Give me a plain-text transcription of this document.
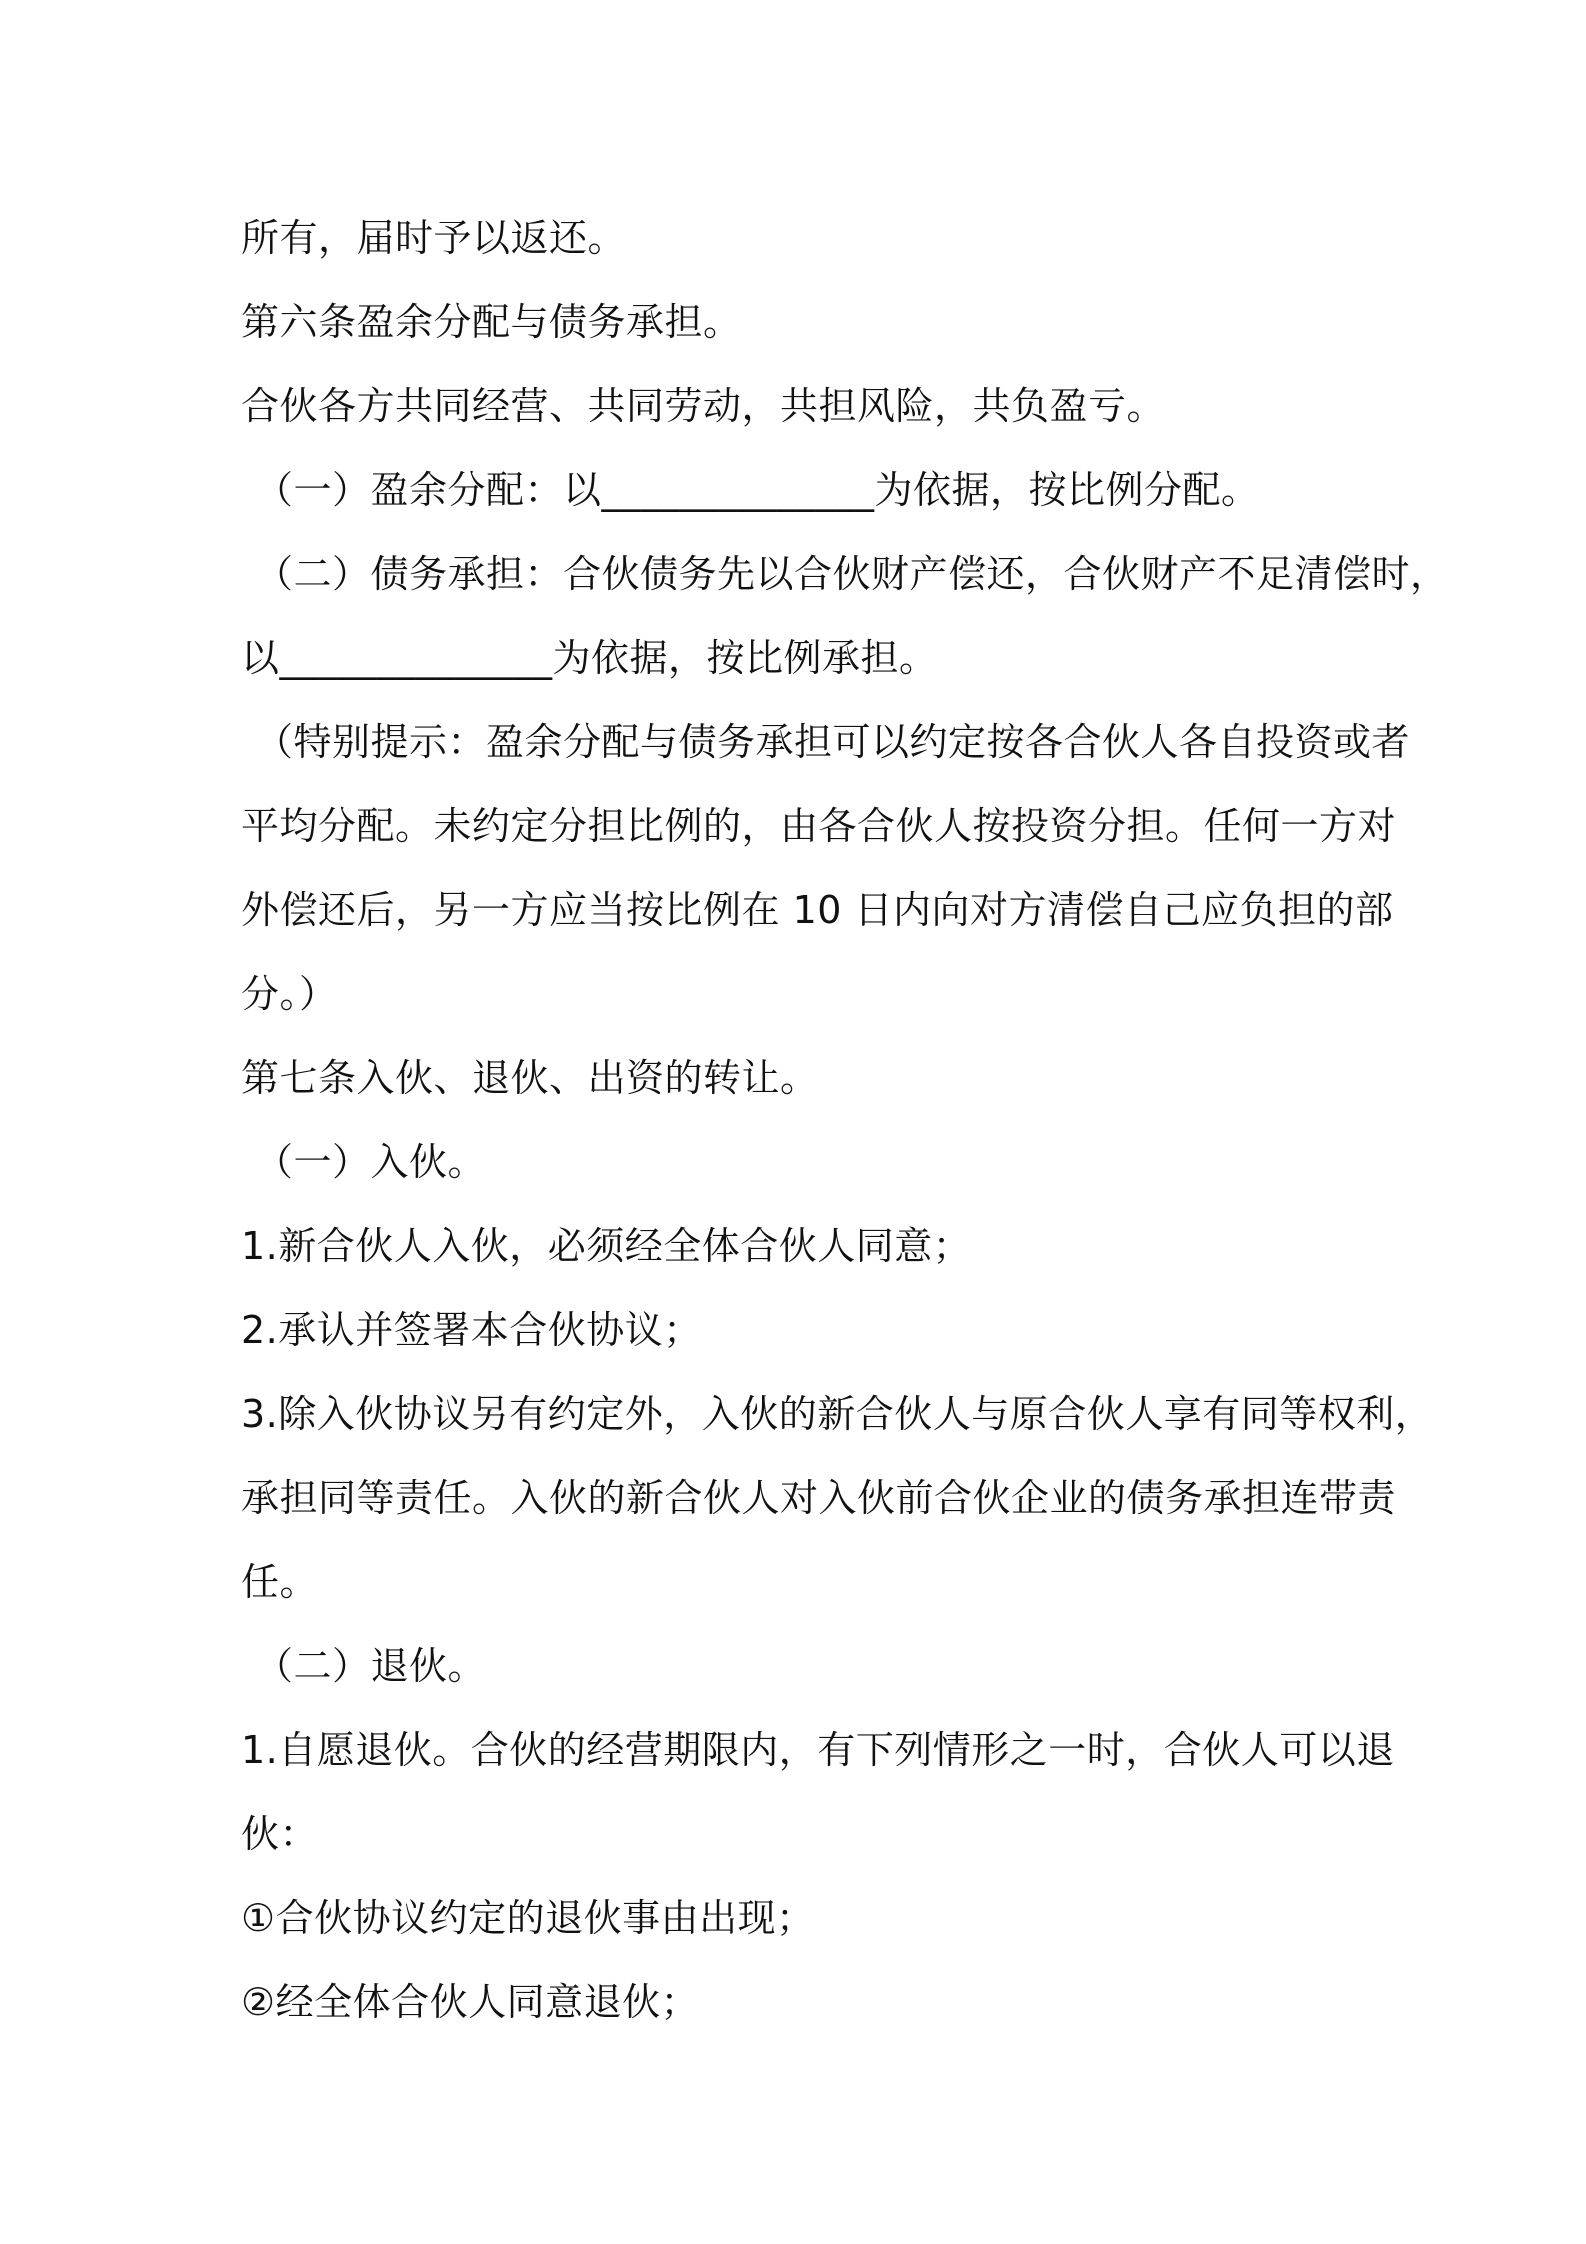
所有，届时予以返还。
第六条盈余分配与债务承担。
合伙各方共同经营、共同劳动，共担风险，共负盈亏。
（一）盈余分配：以______________为依据，按比例分配。
（二）债务承担：合伙债务先以合伙财产偿还，合伙财产不足清偿时，
以______________为依据，按比例承担。
（特别提示：盈余分配与债务承担可以约定按各合伙人各自投资或者
平均分配。未约定分担比例的，由各合伙人按投资分担。任何一方对
外偿还后，另一方应当按比例在 10 日内向对方清偿自己应负担的部
分。）
第七条入伙、退伙、出资的转让。
（一）入伙。
1.新合伙人入伙，必须经全体合伙人同意；
2.承认并签署本合伙协议；
3.除入伙协议另有约定外，入伙的新合伙人与原合伙人享有同等权利，
承担同等责任。入伙的新合伙人对入伙前合伙企业的债务承担连带责
任。
（二）退伙。
1.自愿退伙。合伙的经营期限内，有下列情形之一时，合伙人可以退
伙：
①合伙协议约定的退伙事由出现；
②经全体合伙人同意退伙；
